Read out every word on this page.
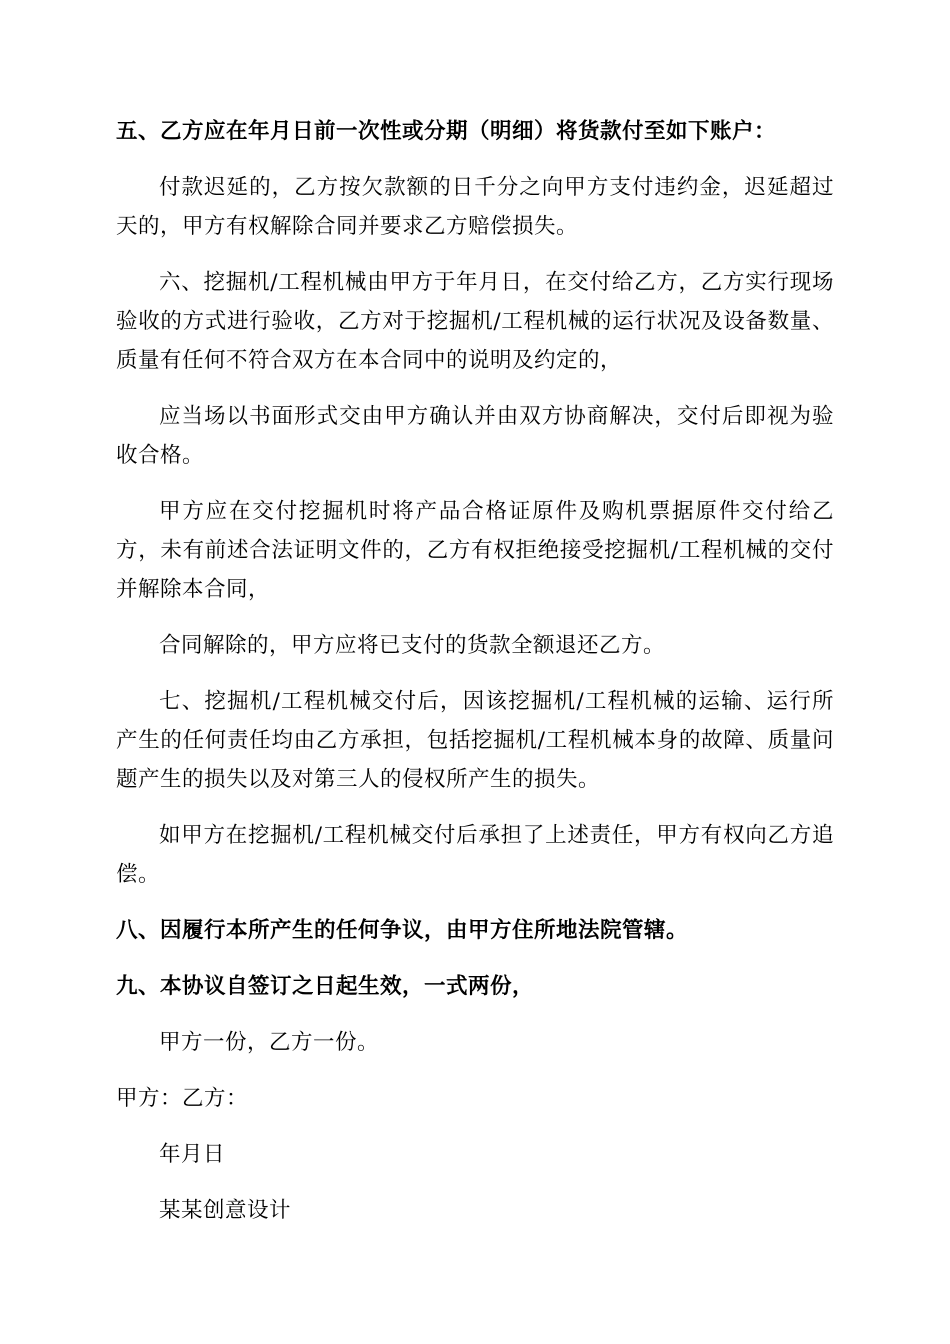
五、乙方应在年月日前一次性或分期（明细）将货款付至如下账户：

付款迟延的，乙方按欠款额的日千分之向甲方支付违约金，迟延超过天的，甲方有权解除合同并要求乙方赔偿损失。

六、挖掘机/工程机械由甲方于年月日，在交付给乙方，乙方实行现场验收的方式进行验收，乙方对于挖掘机/工程机械的运行状况及设备数量、质量有任何不符合双方在本合同中的说明及约定的，

应当场以书面形式交由甲方确认并由双方协商解决，交付后即视为验收合格。

甲方应在交付挖掘机时将产品合格证原件及购机票据原件交付给乙方，未有前述合法证明文件的，乙方有权拒绝接受挖掘机/工程机械的交付并解除本合同，

合同解除的，甲方应将已支付的货款全额退还乙方。

七、挖掘机/工程机械交付后，因该挖掘机/工程机械的运输、运行所产生的任何责任均由乙方承担，包括挖掘机/工程机械本身的故障、质量问题产生的损失以及对第三人的侵权所产生的损失。

如甲方在挖掘机/工程机械交付后承担了上述责任，甲方有权向乙方追偿。

八、因履行本所产生的任何争议，由甲方住所地法院管辖。

九、本协议自签订之日起生效，一式两份，

甲方一份，乙方一份。

甲方：乙方：

年月日

某某创意设计
